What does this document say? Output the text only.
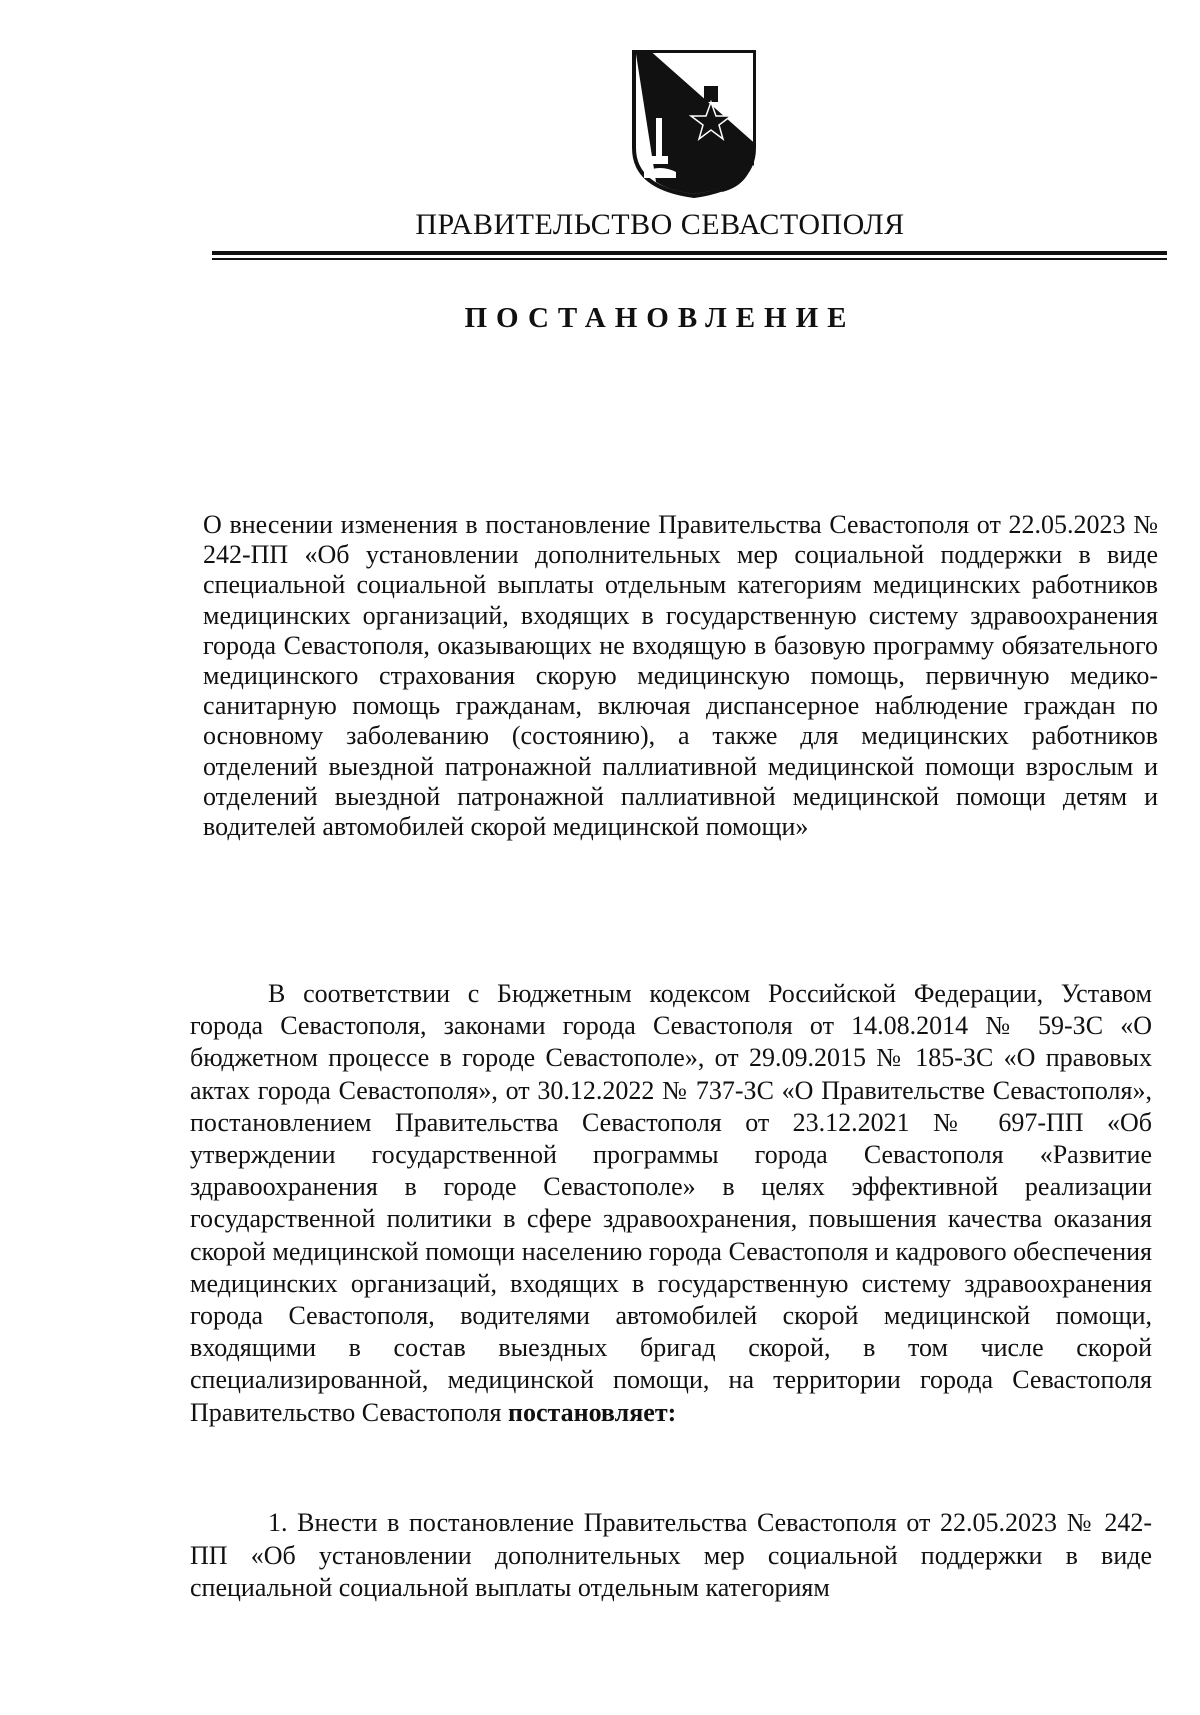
ПРАВИТЕЛЬСТВО СЕВАСТОПОЛЯ
ПОСТАНОВЛЕНИЕ
О внесении изменения в постановление Правительства Севастополя от 22.05.2023 № 242-ПП «Об установлении дополнительных мер социальной поддержки в виде специальной социальной выплаты отдельным категориям медицинских работников медицинских организаций, входящих в государственную систему здравоохранения города Севастополя, оказывающих не входящую в базовую программу обязательного медицинского страхования скорую медицинскую помощь, первичную медико-санитарную помощь гражданам, включая диспансерное наблюдение граждан по основному заболеванию (состоянию), а также для медицинских работников отделений выездной патронажной паллиативной медицинской помощи взрослым и отделений выездной патронажной паллиативной медицинской помощи детям и водителей автомобилей скорой медицинской помощи»

В соответствии с Бюджетным кодексом Российской Федерации, Уставом города Севастополя, законами города Севастополя от 14.08.2014 № 59-ЗС «О бюджетном процессе в городе Севастополе», от 29.09.2015 № 185-ЗС «О правовых актах города Севастополя», от 30.12.2022 № 737-ЗС «О Правительстве Севастополя», постановлением Правительства Севастополя от 23.12.2021 № 697-ПП «Об утверждении государственной программы города Севастополя «Развитие здравоохранения в городе Севастополе» в целях эффективной реализации государственной политики в сфере здравоохранения, повышения качества оказания скорой медицинской помощи населению города Севастополя и кадрового обеспечения медицинских организаций, входящих в государственную систему здравоохранения города Севастополя, водителями автомобилей скорой медицинской помощи, входящими в состав выездных бригад скорой, в том числе скорой специализированной, медицинской помощи, на территории города Севастополя Правительство Севастополя постановляет:

1. Внести в постановление Правительства Севастополя от 22.05.2023 № 242-ПП «Об установлении дополнительных мер социальной поддержки в виде специальной социальной выплаты отдельным категориям
